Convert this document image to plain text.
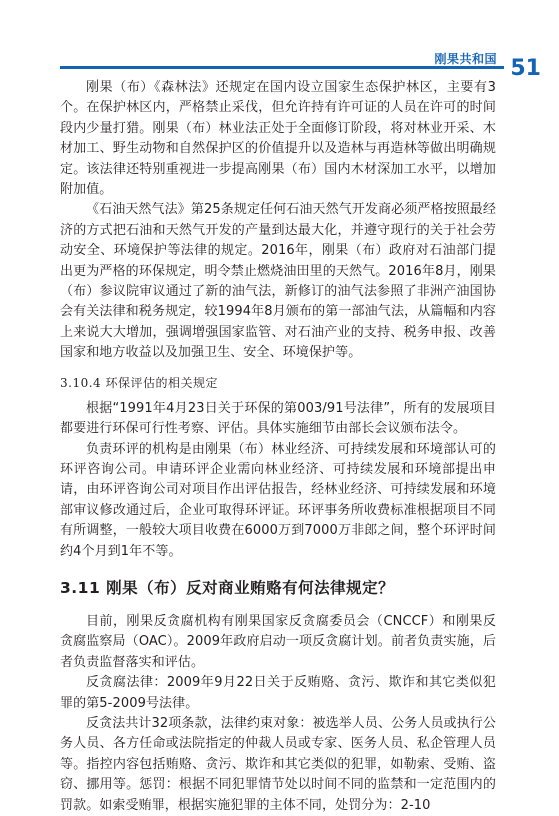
刚果共和国 51

刚果（布）《森林法》还规定在国内设立国家生态保护林区，主要有3个。在保护林区内，严格禁止采伐，但允许持有许可证的人员在许可的时间段内少量打猎。刚果（布）林业法正处于全面修订阶段，将对林业开采、木材加工、野生动物和自然保护区的价值提升以及造林与再造林等做出明确规定。该法律还特别重视进一步提高刚果（布）国内木材深加工水平，以增加附加值。

《石油天然气法》第25条规定任何石油天然气开发商必须严格按照最经济的方式把石油和天然气开发的产量到达最大化，并遵守现行的关于社会劳动安全、环境保护等法律的规定。2016年，刚果（布）政府对石油部门提出更为严格的环保规定，明令禁止燃烧油田里的天然气。2016年8月，刚果（布）参议院审议通过了新的油气法，新修订的油气法参照了非洲产油国协会有关法律和税务规定，较1994年8月颁布的第一部油气法，从篇幅和内容上来说大大增加，强调增强国家监管、对石油产业的支持、税务申报、改善国家和地方收益以及加强卫生、安全、环境保护等。

3.10.4 环保评估的相关规定

根据“1991年4月23日关于环保的第003/91号法律”，所有的发展项目都要进行环保可行性考察、评估。具体实施细节由部长会议颁布法令。

负责环评的机构是由刚果（布）林业经济、可持续发展和环境部认可的环评咨询公司。申请环评企业需向林业经济、可持续发展和环境部提出申请，由环评咨询公司对项目作出评估报告，经林业经济、可持续发展和环境部审议修改通过后，企业可取得环评证。环评事务所收费标准根据项目不同有所调整，一般较大项目收费在6000万到7000万非郎之间，整个环评时间约4个月到1年不等。

3.11 刚果（布）反对商业贿赂有何法律规定？

目前，刚果反贪腐机构有刚果国家反贪腐委员会（CNCCF）和刚果反贪腐监察局（OAC）。2009年政府启动一项反贪腐计划。前者负责实施，后者负责监督落实和评估。

反贪腐法律：2009年9月22日关于反贿赂、贪污、欺诈和其它类似犯罪的第5-2009号法律。

反贪法共计32项条款，法律约束对象：被选举人员、公务人员或执行公务人员、各方任命或法院指定的仲裁人员或专家、医务人员、私企管理人员等。指控内容包括贿赂、贪污、欺诈和其它类似的犯罪，如勒索、受贿、盗窃、挪用等。惩罚：根据不同犯罪情节处以时间不同的监禁和一定范围内的罚款。如索受贿罪，根据实施犯罪的主体不同，处罚分为：2-10
